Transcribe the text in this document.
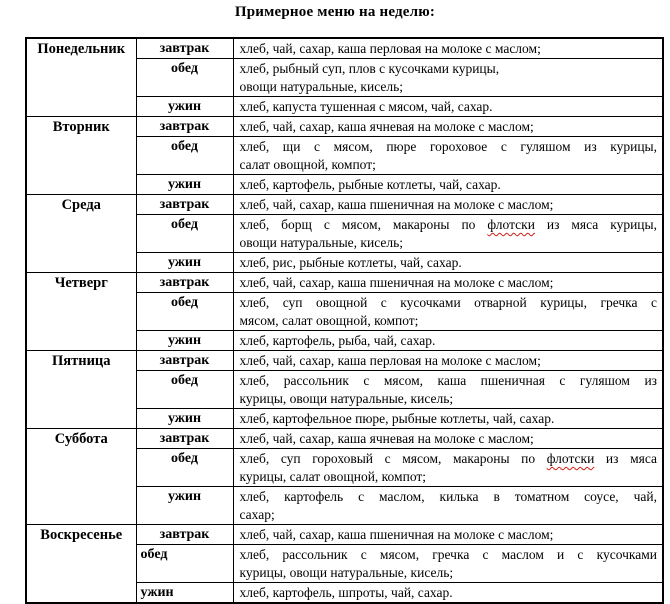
Примерное меню на неделю:
Понедельник	завтрак	хлеб, чай, сахар, каша перловая на молоке с маслом;

	обед	хлеб, рыбный суп, плов с кусочками курицы,
овощи натуральные, кисель;

	ужин	хлеб, капуста тушенная с мясом, чай, сахар.

Вторник	завтрак	хлеб, чай, сахар, каша ячневая на молоке с маслом;

	обед	хлеб, щи с мясом, пюре гороховое с гуляшом из курицы,
салат овощной, компот;

	ужин	хлеб, картофель, рыбные котлеты, чай, сахар.

Среда	завтрак	хлеб, чай, сахар, каша пшеничная на молоке с маслом;

	обед	хлеб, борщ с мясом, макароны по флотски из мяса курицы,
овощи натуральные, кисель;

	ужин	хлеб, рис, рыбные котлеты, чай, сахар.

Четверг	завтрак	хлеб, чай, сахар, каша пшеничная на молоке с маслом;

	обед	хлеб, суп овощной с кусочками отварной курицы, гречка с
мясом, салат овощной, компот;

	ужин	хлеб, картофель, рыба, чай, сахар.

Пятница	завтрак	хлеб, чай, сахар, каша перловая на молоке с маслом;

	обед	хлеб, рассольник с мясом, каша пшеничная с гуляшом из
курицы, овощи натуральные, кисель;

	ужин	хлеб, картофельное пюре, рыбные котлеты, чай, сахар.

Суббота	завтрак	хлеб, чай, сахар, каша ячневая на молоке с маслом;

	обед	хлеб, суп гороховый с мясом, макароны по флотски из мяса
курицы, салат овощной, компот;

	ужин	хлеб, картофель с маслом, килька в томатном соусе, чай,
сахар;

Воскресенье	завтрак	хлеб, чай, сахар, каша пшеничная на молоке с маслом;

	обед	хлеб, рассольник с мясом, гречка с маслом и с кусочками
курицы, овощи натуральные, кисель;

	ужин	хлеб, картофель, шпроты, чай, сахар.
